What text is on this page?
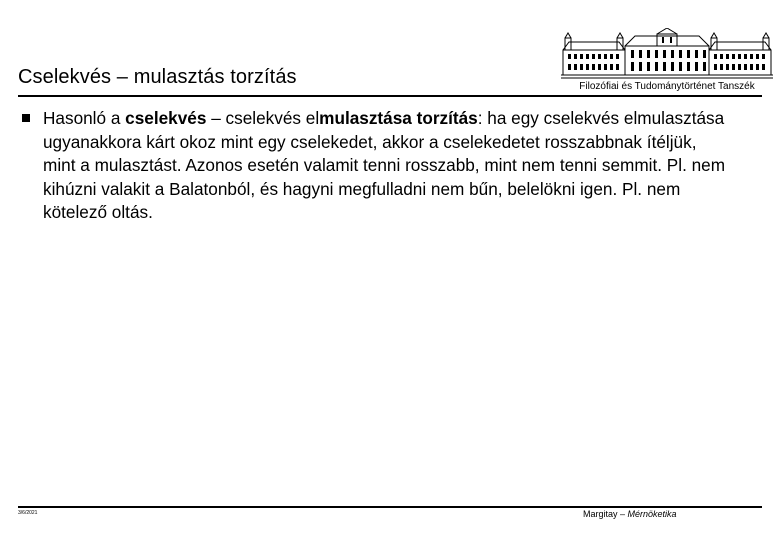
Cselekvés – mulasztás torzítás	Filozófiai és Tudománytörténet Tanszék
Hasonló a cselekvés – cselekvés elmulasztása torzítás: ha egy cselekvés elmulasztása ugyanakkora kárt okoz mint egy cselekedet, akkor a cselekedetet rosszabbnak ítéljük, mint a mulasztást. Azonos esetén valamit tenni rosszabb, mint nem tenni semmit. Pl. nem kihúzni valakit a Balatonból, és hagyni megfulladni nem bűn, belelökni igen. Pl. nem kötelező oltás.
3/6/2021	Margitay – Mérnöketika
